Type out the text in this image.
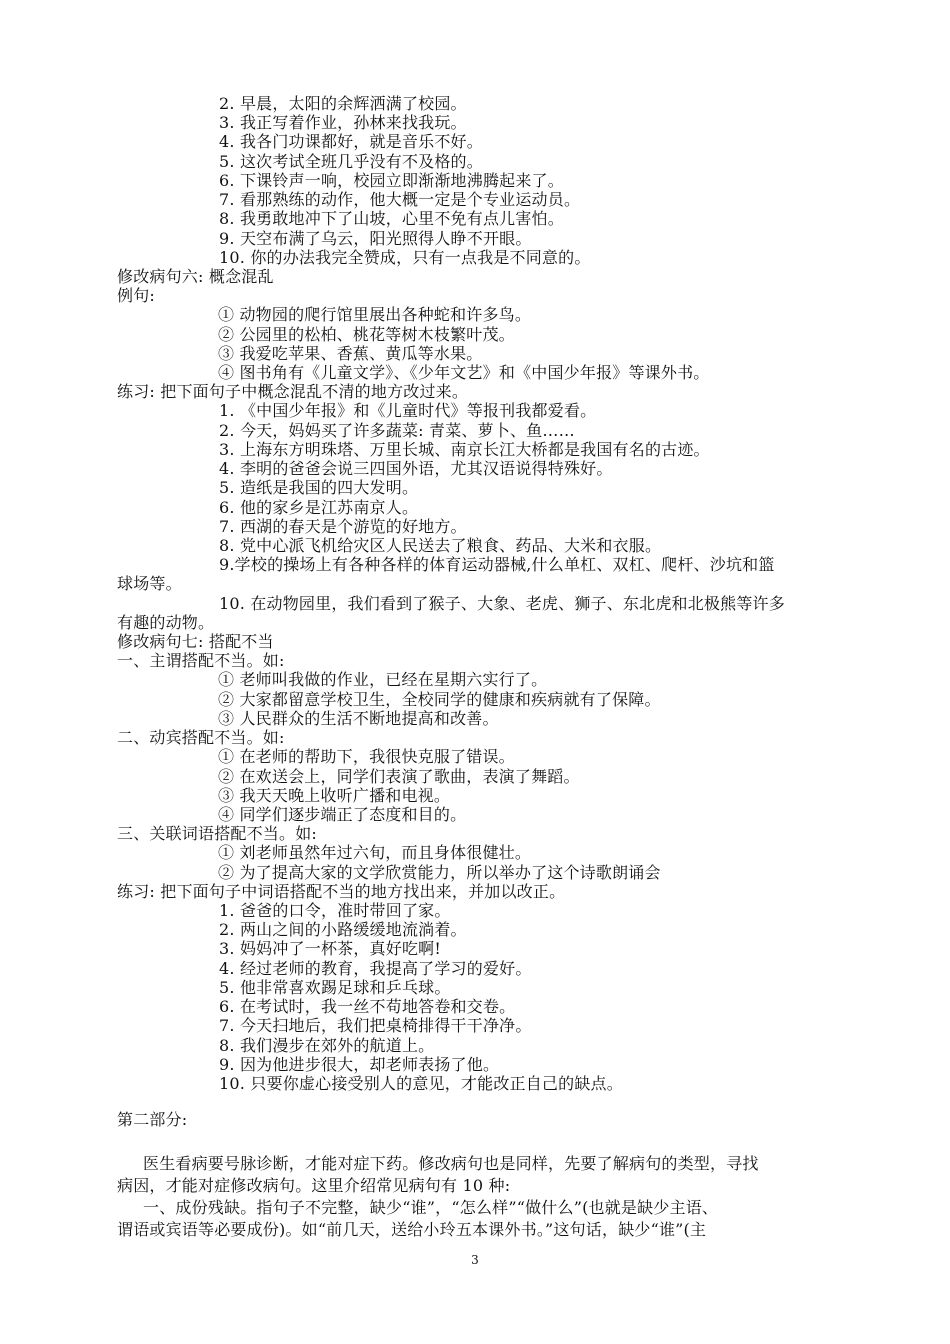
2. 早晨，太阳的余辉洒满了校园。
3. 我正写着作业，孙林来找我玩。
4. 我各门功课都好，就是音乐不好。
5. 这次考试全班几乎没有不及格的。
6. 下课铃声一响，校园立即渐渐地沸腾起来了。
7. 看那熟练的动作，他大概一定是个专业运动员。
8. 我勇敢地冲下了山坡，心里不免有点儿害怕。
9. 天空布满了乌云，阳光照得人睁不开眼。
10. 你的办法我完全赞成，只有一点我是不同意的。
修改病句六: 概念混乱
例句:
① 动物园的爬行馆里展出各种蛇和许多鸟。
② 公园里的松柏、桃花等树木枝繁叶茂。
③ 我爱吃苹果、香蕉、黄瓜等水果。
④ 图书角有《儿童文学》、《少年文艺》和《中国少年报》等课外书。
练习: 把下面句子中概念混乱不清的地方改过来。
1. 《中国少年报》和《儿童时代》等报刊我都爱看。
2. 今天，妈妈买了许多蔬菜: 青菜、萝卜、鱼……
3. 上海东方明珠塔、万里长城、南京长江大桥都是我国有名的古迹。
4. 李明的爸爸会说三四国外语，尤其汉语说得特殊好。
5. 造纸是我国的四大发明。
6. 他的家乡是江苏南京人。
7. 西湖的春天是个游览的好地方。
8. 党中心派飞机给灾区人民送去了粮食、药品、大米和衣服。
9.学校的操场上有各种各样的体育运动器械,什么单杠、双杠、爬杆、沙坑和篮
球场等。
10. 在动物园里，我们看到了猴子、大象、老虎、狮子、东北虎和北极熊等许多
有趣的动物。
修改病句七: 搭配不当
一、主谓搭配不当。如:
① 老师叫我做的作业，已经在星期六实行了。
② 大家都留意学校卫生，全校同学的健康和疾病就有了保障。
③ 人民群众的生活不断地提高和改善。
二、动宾搭配不当。如:
① 在老师的帮助下，我很快克服了错误。
② 在欢送会上，同学们表演了歌曲，表演了舞蹈。
③ 我天天晚上收听广播和电视。
④ 同学们逐步端正了态度和目的。
三、关联词语搭配不当。如:
① 刘老师虽然年过六旬，而且身体很健壮。
② 为了提高大家的文学欣赏能力，所以举办了这个诗歌朗诵会
练习: 把下面句子中词语搭配不当的地方找出来，并加以改正。
1. 爸爸的口令，准时带回了家。
2. 两山之间的小路缓缓地流淌着。
3. 妈妈冲了一杯茶，真好吃啊!
4. 经过老师的教育，我提高了学习的爱好。
5. 他非常喜欢踢足球和乒乓球。
6. 在考试时，我一丝不苟地答卷和交卷。
7. 今天扫地后，我们把桌椅排得干干净净。
8. 我们漫步在郊外的航道上。
9. 因为他进步很大，却老师表扬了他。
10. 只要你虚心接受别人的意见，才能改正自己的缺点。
第二部分:
医生看病要号脉诊断，才能对症下药。修改病句也是同样，先要了解病句的类型，寻找
病因，才能对症修改病句。这里介绍常见病句有 10 种:
一、成份残缺。指句子不完整，缺少“谁”，“怎么样”“做什么”(也就是缺少主语、
谓语或宾语等必要成份)。如“前几天，送给小玲五本课外书。”这句话，缺少“谁”(主
3
